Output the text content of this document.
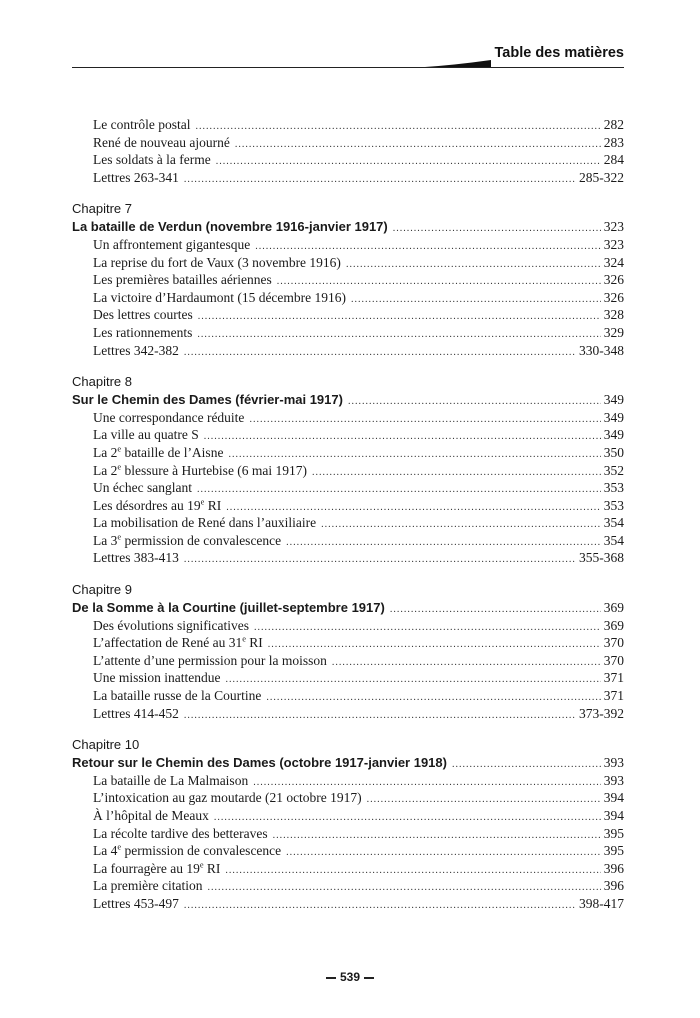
Table des matières
Le contrôle postal .....	282
René de nouveau ajourné .....	283
Les soldats à la ferme .....	284
Lettres 263-341 .....	285-322
Chapitre 7
La bataille de Verdun (novembre 1916-janvier 1917) .....	323
Un affrontement gigantesque .....	323
La reprise du fort de Vaux (3 novembre 1916) .....	324
Les premières batailles aériennes .....	326
La victoire d’Hardaumont (15 décembre 1916) .....	326
Des lettres courtes .....	328
Les rationnements .....	329
Lettres 342-382 .....	330-348
Chapitre 8
Sur le Chemin des Dames (février-mai 1917) .....	349
Une correspondance réduite .....	349
La ville au quatre S .....	349
La 2e bataille de l’Aisne .....	350
La 2e blessure à Hurtebise (6 mai 1917) .....	352
Un échec sanglant .....	353
Les désordres au 19e RI .....	353
La mobilisation de René dans l’auxiliaire .....	354
La 3e permission de convalescence .....	354
Lettres 383-413 .....	355-368
Chapitre 9
De la Somme à la Courtine (juillet-septembre 1917) .....	369
Des évolutions significatives .....	369
L’affectation de René au 31e RI .....	370
L’attente d’une permission pour la moisson .....	370
Une mission inattendue .....	371
La bataille russe de la Courtine .....	371
Lettres 414-452 .....	373-392
Chapitre 10
Retour sur le Chemin des Dames (octobre 1917-janvier 1918) .....	393
La bataille de La Malmaison .....	393
L’intoxication au gaz moutarde (21 octobre 1917) .....	394
À l’hôpital de Meaux .....	394
La récolte tardive des betteraves .....	395
La 4e permission de convalescence .....	395
La fourragère au 19e RI .....	396
La première citation .....	396
Lettres 453-497 .....	398-417
539
